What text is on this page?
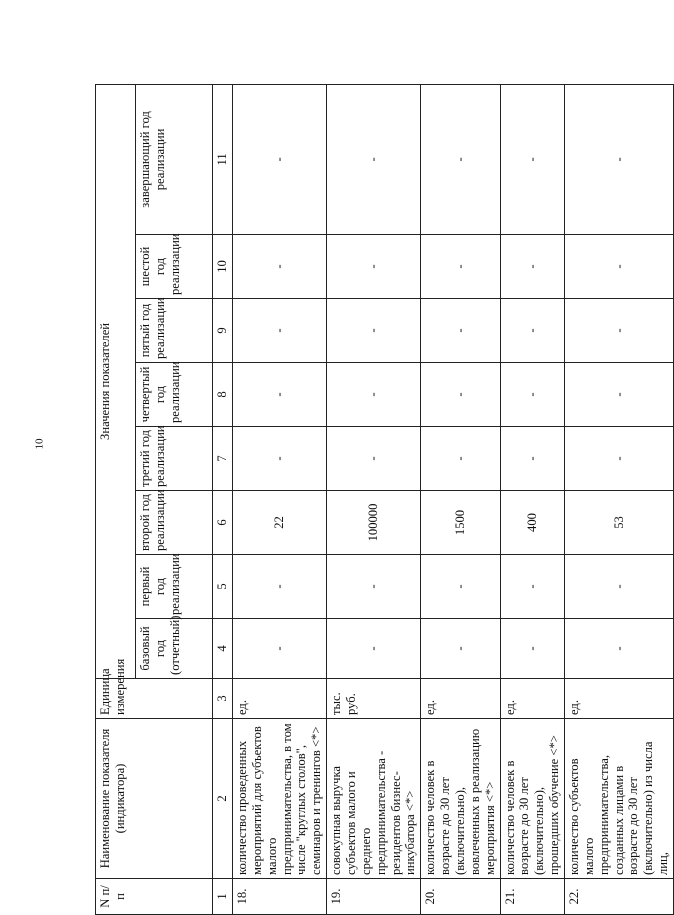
10
N п/п	Наименование показателя (индикатора)	Единица измерения	Значения показателей							
			базовый год (отчетный)	первый год реализации	второй год реализации	третий год реализации	четвертый год реализации	пятый год реализации	шестой год реализации	завершающий год реализации
1	2	3	4	5	6	7	8	9	10	11
18.	количество проведенных мероприятий для субъектов малого предпринимательства, в том числе "круглых столов", семинаров и тренингов <*>	ед.	-	-	22	-	-	-	-	-
19.	совокупная выручка субъектов малого и среднего предпринимательства - резидентов бизнес-инкубатора <*>	тыс. руб.	-	-	100000	-	-	-	-	-
20.	количество человек в возрасте до 30 лет (включительно), вовлеченных в реализацию мероприятия <*>	ед.	-	-	1500	-	-	-	-	-
21.	количество человек в возрасте до 30 лет (включительно), прошедших обучение <*>	ед.	-	-	400	-	-	-	-	-
22.	количество субъектов малого предпринимательства, созданных лицами в возрасте до 30 лет (включительно) из числа лиц,	ед.	-	-	53	-	-	-	-	-
